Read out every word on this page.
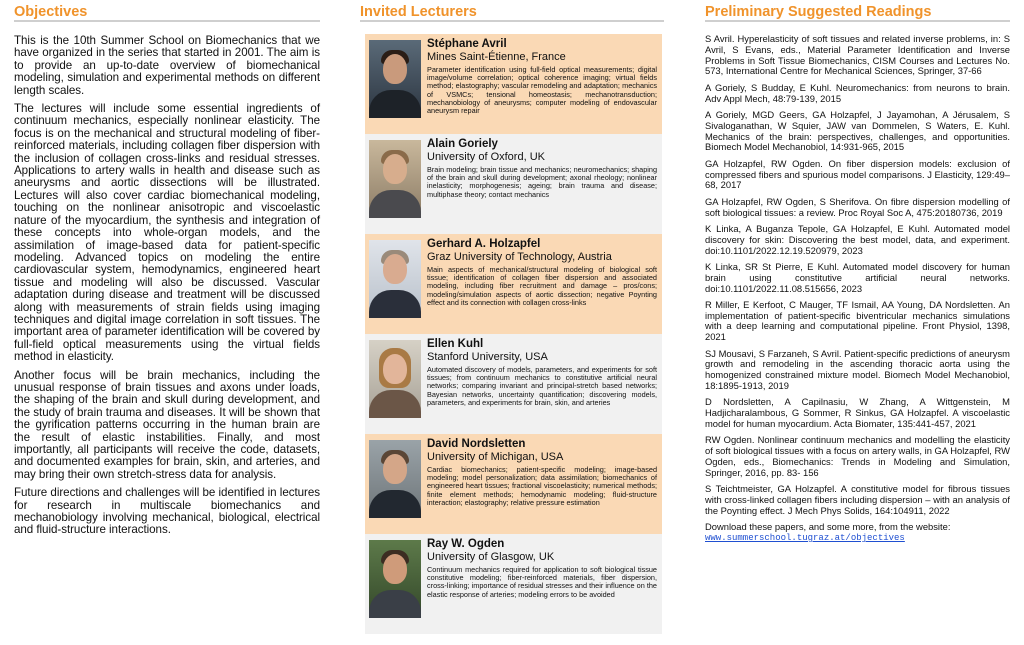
Objectives

This is the 10th Summer School on Biomechanics that we have organized in the series that started in 2001. The aim is to provide an up-to-date overview of biomechanical modeling, simulation and experimental methods on different length scales.

The lectures will include some essential ingredients of continuum mechanics, especially nonlinear elasticity. The focus is on the mechanical and structural modeling of fiber-reinforced materials, including collagen fiber dispersion with the inclusion of collagen cross-links and residual stresses. Applications to artery walls in health and disease such as aneurysms and aortic dissections will be illustrated. Lectures will also cover cardiac biomechanical modeling, touching on the nonlinear anisotropic and viscoelastic nature of the myocardium, the synthesis and integration of these concepts into whole-organ models, and the assimilation of image-based data for patient-specific modeling. Advanced topics on modeling the entire cardiovascular system, hemodynamics, engineered heart tissue and modeling will also be discussed. Vascular adaptation during disease and treatment will be discussed along with measurements of strain fields using imaging techniques and digital image correlation in soft tissues. The important area of parameter identification will be covered by full-field optical measurements using the virtual fields method in elasticity.

Another focus will be brain mechanics, including the unusual response of brain tissues and axons under loads, the shaping of the brain and skull during development, and the study of brain trauma and diseases. It will be shown that the gyrification patterns occurring in the human brain are the result of elastic instabilities. Finally, and most importantly, all participants will receive the code, datasets, and documented examples for brain, skin, and arteries, and may bring their own stretch-stress data for analysis.

Future directions and challenges will be identified in lectures for research in multiscale biomechanics and mechanobiology involving mechanical, biological, electrical and fluid-structure interactions.

Invited Lecturers
Stéphane Avril
Mines Saint-Étienne, France
Parameter identification using full-field optical measurements; digital image/volume correlation; optical coherence imaging; virtual fields method; elastography; vascular remodeling and adaptation; mechanics of VSMCs; tensional homeostasis; mechanotransduction; mechanobiology of aneurysms; computer modeling of endovascular aneurysm repair
Alain Goriely
University of Oxford, UK
Brain modeling; brain tissue and mechanics; neuromechanics; shaping of the brain and skull during development; axonal rheology; nonlinear inelasticity; morphogenesis; ageing; brain trauma and disease; multiphase theory; contact mechanics
Gerhard A. Holzapfel
Graz University of Technology, Austria
Main aspects of mechanical/structural modeling of biological soft tissue; identification of collagen fiber dispersion and associated modeling, including fiber recruitment and damage – pros/cons; modeling/simulation aspects of aortic dissection; negative Poynting effect and its connection with collagen cross-links
Ellen Kuhl
Stanford University, USA
Automated discovery of models, parameters, and experiments for soft tissues; from continuum mechanics to constitutive artificial neural networks; comparing invariant and principal-stretch based networks; Bayesian networks, uncertainty quantification; discovering models, parameters, and experiments for brain, skin, and arteries
David Nordsletten
University of Michigan, USA
Cardiac biomechanics; patient-specific modeling; image-based modeling; model personalization; data assimilation; biomechanics of engineered heart tissues; fractional viscoelasticity; numerical methods; finite element methods; hemodynamic modeling; fluid-structure interaction; elastography; relative pressure estimation
Ray W. Ogden
University of Glasgow, UK
Continuum mechanics required for application to soft biological tissue constitutive modeling; fiber-reinforced materials, fiber dispersion, cross-linking; importance of residual stresses and their influence on the elastic response of arteries; modeling errors to be avoided
Preliminary Suggested Readings

S Avril. Hyperelasticity of soft tissues and related inverse problems, in: S Avril, S Evans, eds., Material Parameter Identification and Inverse Problems in Soft Tissue Biomechanics, CISM Courses and Lectures No. 573, International Centre for Mechanical Sciences, Springer, 37-66

A Goriely, S Budday, E Kuhl. Neuromechanics: from neurons to brain. Adv Appl Mech, 48:79-139, 2015

A Goriely, MGD Geers, GA Holzapfel, J Jayamohan, A Jérusalem, S Sivaloganathan, W Squier, JAW van Dommelen, S Waters, E. Kuhl. Mechanics of the brain: perspectives, challenges, and opportunities. Biomech Model Mechanobiol, 14:931-965, 2015

GA Holzapfel, RW Ogden. On fiber dispersion models: exclusion of compressed fibers and spurious model comparisons. J Elasticity, 129:49–68, 2017

GA Holzapfel, RW Ogden, S Sherifova. On fibre dispersion modelling of soft biological tissues: a review. Proc Royal Soc A, 475:20180736, 2019

K Linka, A Buganza Tepole, GA Holzapfel, E Kuhl. Automated model discovery for skin: Discovering the best model, data, and experiment. doi:10.1101/2022.12.19.520979, 2023

K Linka, SR St Pierre, E Kuhl. Automated model discovery for human brain using constitutive artificial neural networks. doi:10.1101/2022.11.08.515656, 2023

R Miller, E Kerfoot, C Mauger, TF Ismail, AA Young, DA Nordsletten. An implementation of patient-specific biventricular mechanics simulations with a deep learning and computational pipeline. Front Physiol, 1398, 2021

SJ Mousavi, S Farzaneh, S Avril. Patient-specific predictions of aneurysm growth and remodeling in the ascending thoracic aorta using the homogenized constrained mixture model. Biomech Model Mechanobiol, 18:1895-1913, 2019

D Nordsletten, A Capilnasiu, W Zhang, A Wittgenstein, M Hadjicharalambous, G Sommer, R Sinkus, GA Holzapfel. A viscoelastic model for human myocardium. Acta Biomater, 135:441-457, 2021

RW Ogden. Nonlinear continuum mechanics and modelling the elasticity of soft biological tissues with a focus on artery walls, in GA Holzapfel, RW Ogden, eds., Biomechanics: Trends in Modeling and Simulation, Springer, 2016, pp. 83- 156

S Teichtmeister, GA Holzapfel. A constitutive model for fibrous tissues with cross-linked collagen fibers including dispersion – with an analysis of the Poynting effect. J Mech Phys Solids, 164:104911, 2022

Download these papers, and some more, from the website:
www.summerschool.tugraz.at/objectives
